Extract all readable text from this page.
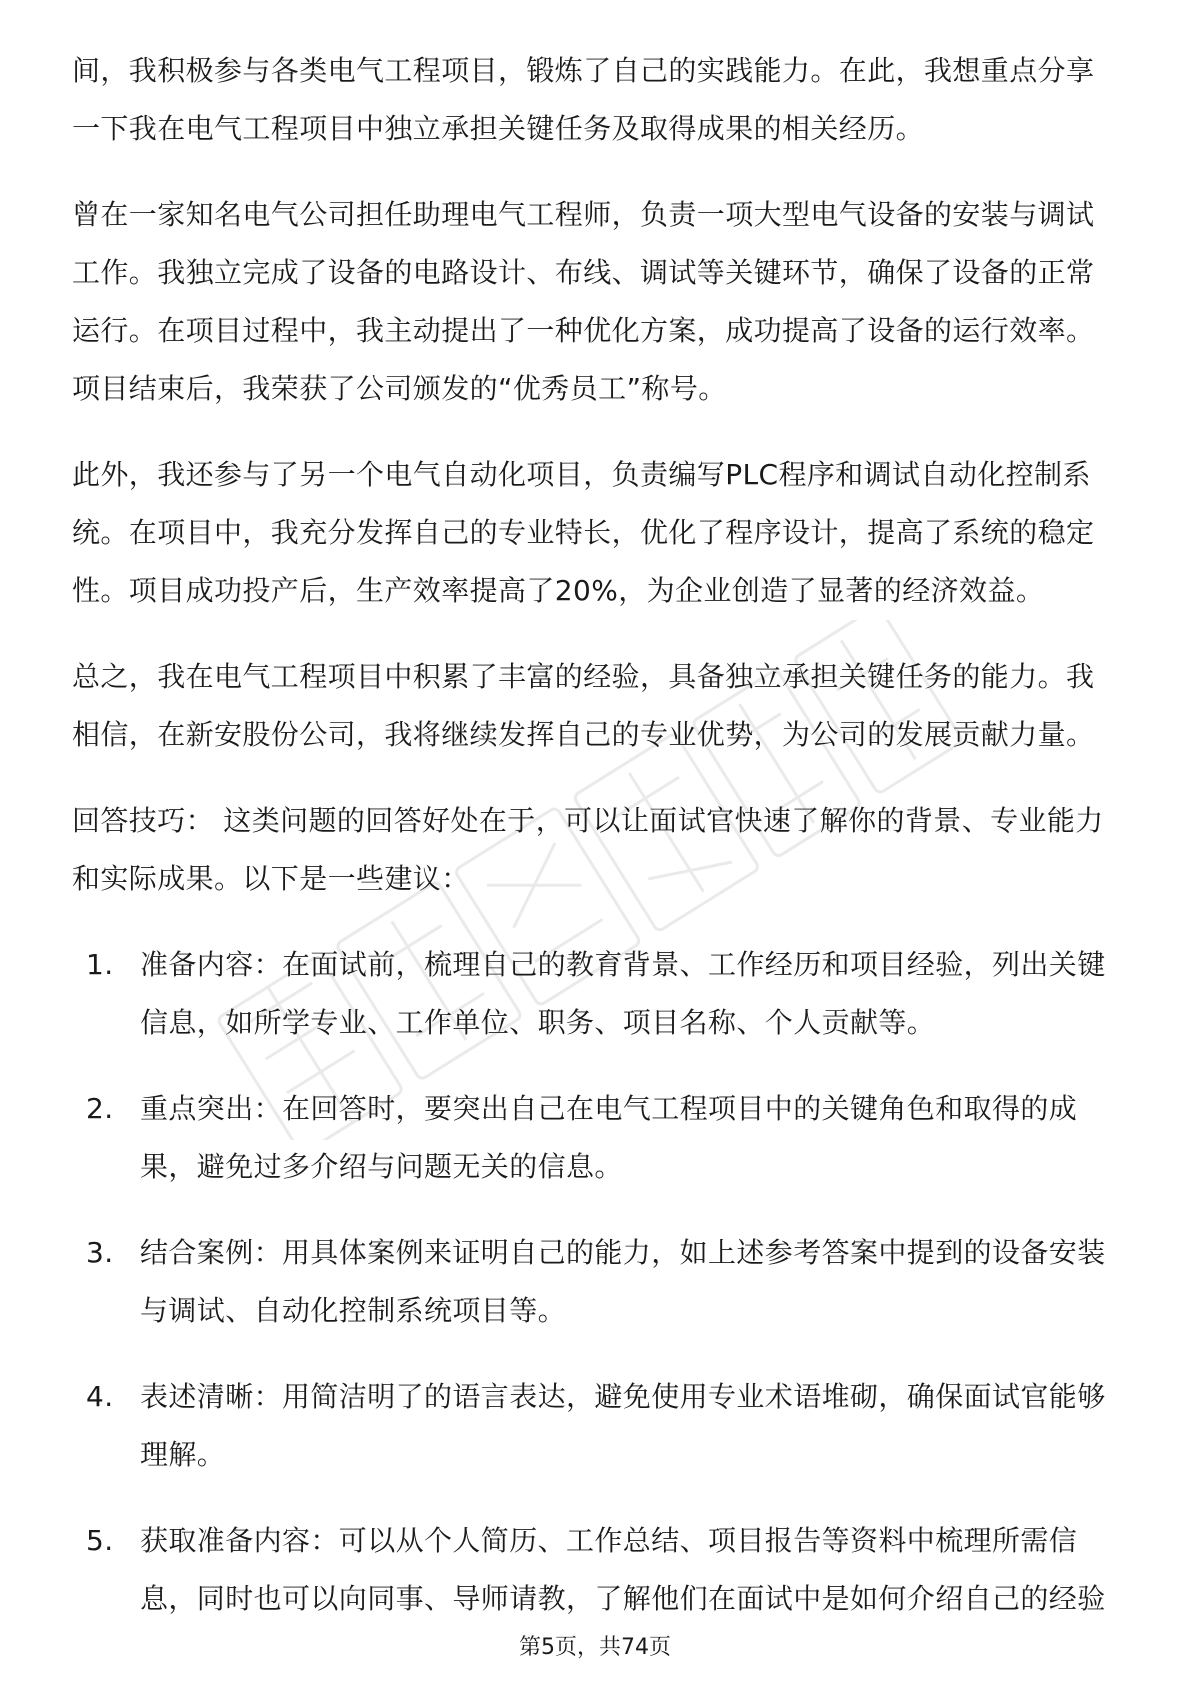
间，我积极参与各类电气工程项目，锻炼了自己的实践能力。在此，我想重点分享一下我在电气工程项目中独立承担关键任务及取得成果的相关经历。

曾在一家知名电气公司担任助理电气工程师，负责一项大型电气设备的安装与调试工作。我独立完成了设备的电路设计、布线、调试等关键环节，确保了设备的正常运行。在项目过程中，我主动提出了一种优化方案，成功提高了设备的运行效率。项目结束后，我荣获了公司颁发的“优秀员工”称号。

此外，我还参与了另一个电气自动化项目，负责编写PLC程序和调试自动化控制系统。在项目中，我充分发挥自己的专业特长，优化了程序设计，提高了系统的稳定性。项目成功投产后，生产效率提高了20%，为企业创造了显著的经济效益。

总之，我在电气工程项目中积累了丰富的经验，具备独立承担关键任务的能力。我相信，在新安股份公司，我将继续发挥自己的专业优势，为公司的发展贡献力量。

回答技巧： 这类问题的回答好处在于，可以让面试官快速了解你的背景、专业能力和实际成果。以下是一些建议：

1. 准备内容：在面试前，梳理自己的教育背景、工作经历和项目经验，列出关键信息，如所学专业、工作单位、职务、项目名称、个人贡献等。
2. 重点突出：在回答时，要突出自己在电气工程项目中的关键角色和取得的成果，避免过多介绍与问题无关的信息。
3. 结合案例：用具体案例来证明自己的能力，如上述参考答案中提到的设备安装与调试、自动化控制系统项目等。
4. 表述清晰：用简洁明了的语言表达，避免使用专业术语堆砌，确保面试官能够理解。
5. 获取准备内容：可以从个人简历、工作总结、项目报告等资料中梳理所需信息，同时也可以向同事、导师请教，了解他们在面试中是如何介绍自己的经验
第5页，共74页
